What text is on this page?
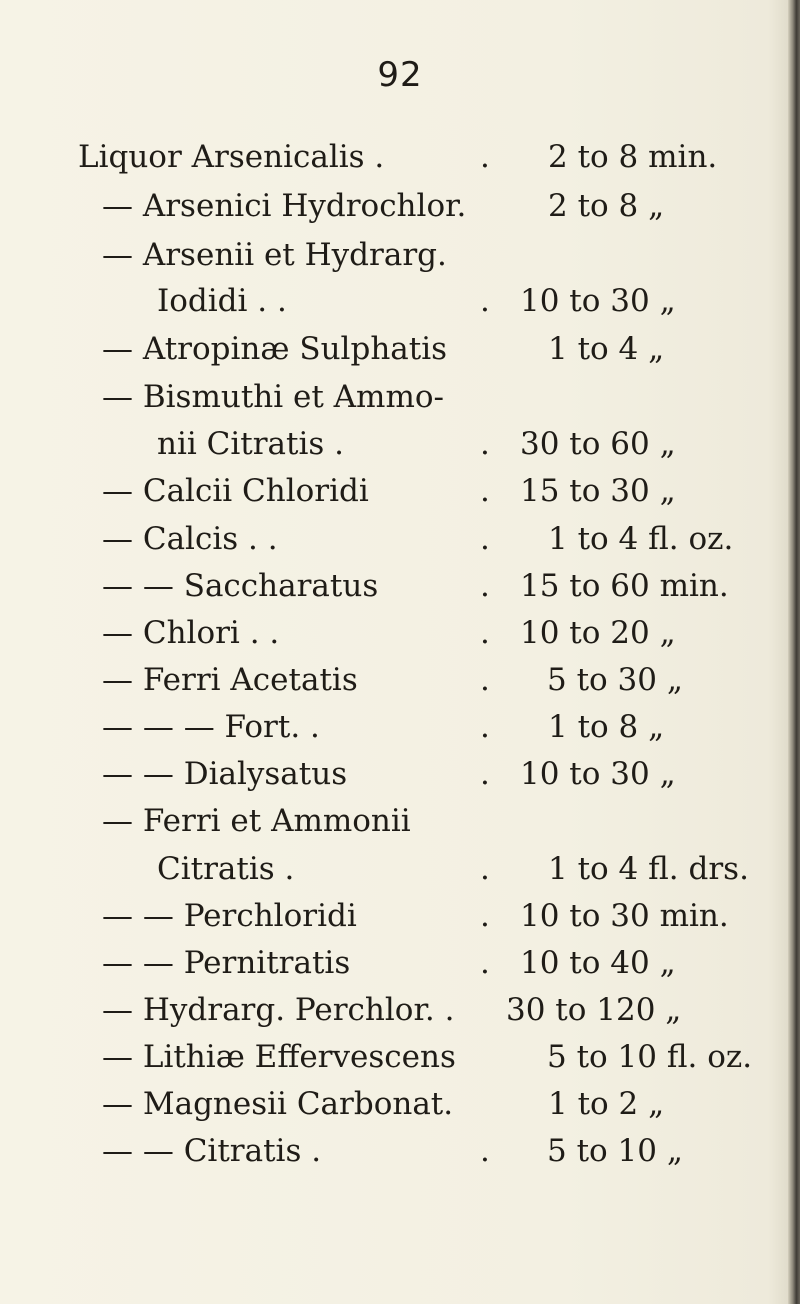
92
Liquor Arsenicalis .	. 2 to 8 min.
— Arsenici Hydrochlor.	2 to 8 „
— Arsenii et Hydrarg.
Iodidi . .	. 10 to 30 „
— Atropinæ Sulphatis	1 to 4 „
— Bismuthi et Ammo-
nii Citratis .	. 30 to 60 „
— Calcii Chloridi	. 15 to 30 „
— Calcis . .	. 1 to 4 fl. oz.
— — Saccharatus	. 15 to 60 min.
— Chlori . .	. 10 to 20 „
— Ferri Acetatis	. 5 to 30 „
— — — Fort. .	. 1 to 8 „
— — Dialysatus	. 10 to 30 „
— Ferri et Ammonii
Citratis .	. 1 to 4 fl. drs.
— — Perchloridi	. 10 to 30 min.
— — Pernitratis	. 10 to 40 „
— Hydrarg. Perchlor. . 30 to 120 „
— Lithiæ Effervescens	5 to 10 fl. oz.
— Magnesii Carbonat.	1 to 2 „
— — Citratis .	. 5 to 10 „
